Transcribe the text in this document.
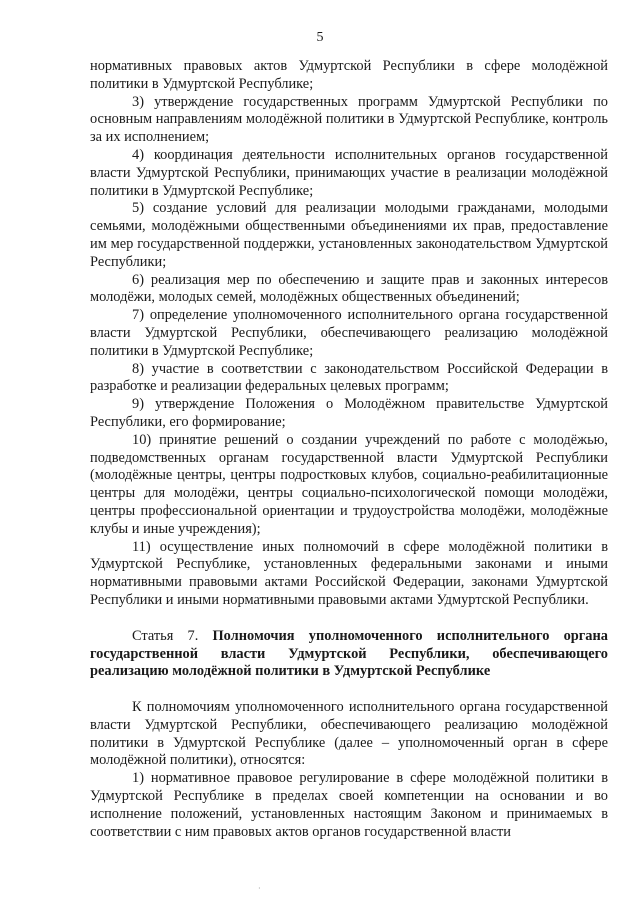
5

нормативных правовых актов Удмуртской Республики в сфере молодёжной политики в Удмуртской Республике;

3) утверждение государственных программ Удмуртской Республики по основным направлениям молодёжной политики в Удмуртской Республике, контроль за их исполнением;

4) координация деятельности исполнительных органов государственной власти Удмуртской Республики, принимающих участие в реализации молодёжной политики в Удмуртской Республике;

5) создание условий для реализации молодыми гражданами, молодыми семьями, молодёжными общественными объединениями их прав, предоставление им мер государственной поддержки, установленных законодательством Удмуртской Республики;

6) реализация мер по обеспечению и защите прав и законных интересов молодёжи, молодых семей, молодёжных общественных объединений;

7) определение уполномоченного исполнительного органа государственной власти Удмуртской Республики, обеспечивающего реализацию молодёжной политики в Удмуртской Республике;

8) участие в соответствии с законодательством Российской Федерации в разработке и реализации федеральных целевых программ;

9) утверждение Положения о Молодёжном правительстве Удмуртской Республики, его формирование;

10) принятие решений о создании учреждений по работе с молодёжью, подведомственных органам государственной власти Удмуртской Республики (молодёжные центры, центры подростковых клубов, социально-реабилитационные центры для молодёжи, центры социально-психологической помощи молодёжи, центры профессиональной ориентации и трудоустройства молодёжи, молодёжные клубы и иные учреждения);

11) осуществление иных полномочий в сфере молодёжной политики в Удмуртской Республике, установленных федеральными законами и иными нормативными правовыми актами Российской Федерации, законами Удмуртской Республики и иными нормативными правовыми актами Удмуртской Республики.

Статья 7. Полномочия уполномоченного исполнительного органа государственной власти Удмуртской Республики, обеспечивающего реализацию молодёжной политики в Удмуртской Республике

К полномочиям уполномоченного исполнительного органа государственной власти Удмуртской Республики, обеспечивающего реализацию молодёжной политики в Удмуртской Республике (далее – уполномоченный орган в сфере молодёжной политики), относятся:

1) нормативное правовое регулирование в сфере молодёжной политики в Удмуртской Республике в пределах своей компетенции на основании и во исполнение положений, установленных настоящим Законом и принимаемых в соответствии с ним правовых актов органов государственной власти

·
